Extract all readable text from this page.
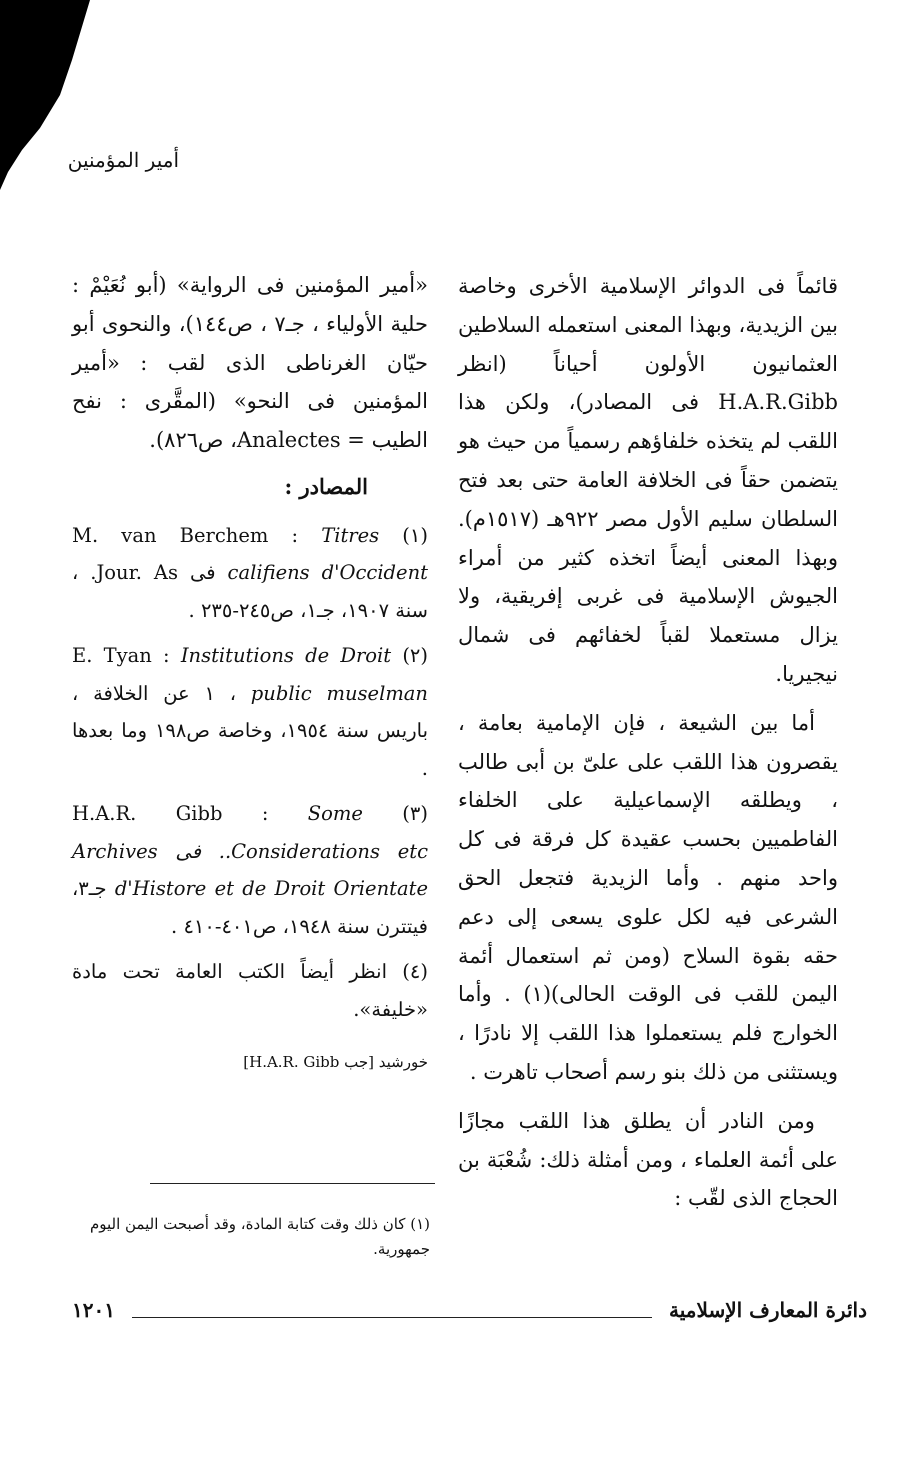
أمير المؤمنين

قائماً فى الدوائر الإسلامية الأخرى وخاصة بين الزيدية، وبهذا المعنى استعمله السلاطين العثمانيون الأولون أحياناً (انظر H.A.R.Gibb فى المصادر)، ولكن هذا اللقب لم يتخذه خلفاؤهم رسمياً من حيث هو يتضمن حقاً فى الخلافة العامة حتى بعد فتح السلطان سليم الأول مصر ٩٢٢هـ (١٥١٧م). وبهذا المعنى أيضاً اتخذه كثير من أمراء الجيوش الإسلامية فى غربى إفريقية، ولا يزال مستعملا لقباً لخفائهم فى شمال نيجيريا.

أما بين الشيعة ، فإن الإمامية بعامة ، يقصرون هذا اللقب على علىّ بن أبى طالب ، ويطلقه الإسماعيلية على الخلفاء الفاطميين بحسب عقيدة كل فرقة فى كل واحد منهم . وأما الزيدية فتجعل الحق الشرعى فيه لكل علوى يسعى إلى دعم حقه بقوة السلاح (ومن ثم استعمال أئمة اليمن للقب فى الوقت الحالى)(١) . وأما الخوارج فلم يستعملوا هذا اللقب إلا نادرًا ، ويستثنى من ذلك بنو رسم أصحاب تاهرت .

ومن النادر أن يطلق هذا اللقب مجازًا على أئمة العلماء ، ومن أمثلة ذلك: شُعْبَة بن الحجاج الذى لقّب :

«أمير المؤمنين فى الرواية» (أبو نُعَيْمْ : حلية الأولياء ، جـ٧ ، ص١٤٤)، والنحوى أبو حيّان الغرناطى الذى لقب : «أمير المؤمنين فى النحو» (المقَّرى : نفح الطيب = Analectes، ص٨٢٦).

المصادر :

(١) M. van Berchem : Titres califiens d'Occident فى Jour. As. ، سنة ١٩٠٧، جـ١، ص٢٤٥-٢٣٥ .

(٢) E. Tyan : Institutions de Droit public muselman ، ١ عن الخلافة ، باريس سنة ١٩٥٤، وخاصة ص١٩٨ وما بعدها .

(٣) H.A.R. Gibb : Some Considerations etc.. فى Archives d'Histore et de Droit Orientate جـ٣، فيتترن سنة ١٩٤٨، ص٤٠١-٤١٠ .

(٤) انظر أيضاً الكتب العامة تحت مادة «خليفة».

خورشيد [جب H.A.R. Gibb]

(١) كان ذلك وقت كتابة المادة، وقد أصبحت اليمن اليوم جمهورية.
دائرة المعارف الإسلامية
١٢٠١
